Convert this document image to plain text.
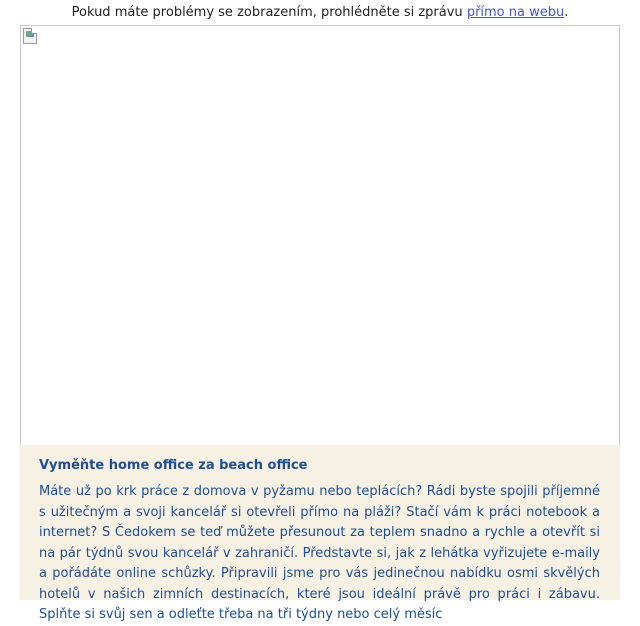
Pokud máte problémy se zobrazením, prohlédněte si zprávu přímo na webu.
Vyměňte home office za beach office

Máte už po krk práce z domova v pyžamu nebo teplácích? Rádi byste spojili příjemné s užitečným a svoji kancelář si otevřeli přímo na pláži? Stačí vám k práci notebook a internet? S Čedokem se teď můžete přesunout za teplem snadno a rychle a otevřít si na pár týdnů svou kancelář v zahraničí. Představte si, jak z lehátka vyřizujete e-maily a pořádáte online schůzky. Připravili jsme pro vás jedinečnou nabídku osmi skvělých hotelů v našich zimních destinacích, které jsou ideální právě pro práci i zábavu. Splňte si svůj sen a odleťte třeba na tři týdny nebo celý měsíc
